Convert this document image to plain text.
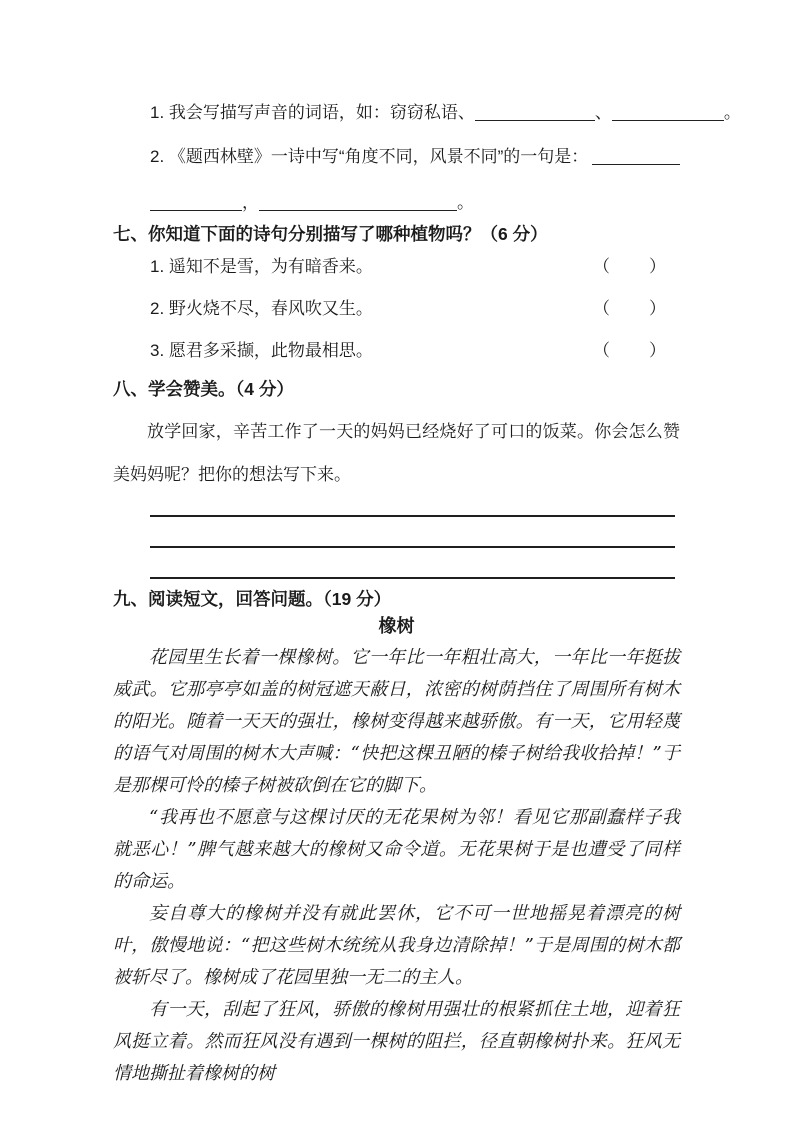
1. 我会写描写声音的词语，如：窃窃私语、	、	。
2. 《题西林壁》一诗中写“角度不同，风景不同”的一句是：
，	。
七、你知道下面的诗句分别描写了哪种植物吗？（6 分）
1. 遥知不是雪，为有暗香来。	（ ）
2. 野火烧不尽，春风吹又生。	（ ）
3. 愿君多采撷，此物最相思。	（ ）
八、学会赞美。（4 分）
放学回家，辛苦工作了一天的妈妈已经烧好了可口的饭菜。你会怎么赞美妈妈呢？把你的想法写下来。
九、阅读短文，回答问题。（19 分）
橡树

花园里生长着一棵橡树。它一年比一年粗壮高大，一年比一年挺拔威武。它那亭亭如盖的树冠遮天蔽日，浓密的树荫挡住了周围所有树木的阳光。随着一天天的强壮，橡树变得越来越骄傲。有一天，它用轻蔑的语气对周围的树木大声喊：“快把这棵丑陋的榛子树给我收拾掉！”于是那棵可怜的榛子树被砍倒在它的脚下。

“我再也不愿意与这棵讨厌的无花果树为邻！看见它那副蠢样子我就恶心！”脾气越来越大的橡树又命令道。无花果树于是也遭受了同样的命运。

妄自尊大的橡树并没有就此罢休，它不可一世地摇晃着漂亮的树叶，傲慢地说：“把这些树木统统从我身边清除掉！”于是周围的树木都被斩尽了。橡树成了花园里独一无二的主人。

有一天，刮起了狂风，骄傲的橡树用强壮的根紧抓住土地，迎着狂风挺立着。然而狂风没有遇到一棵树的阻拦，径直朝橡树扑来。狂风无情地撕扯着橡树的树
